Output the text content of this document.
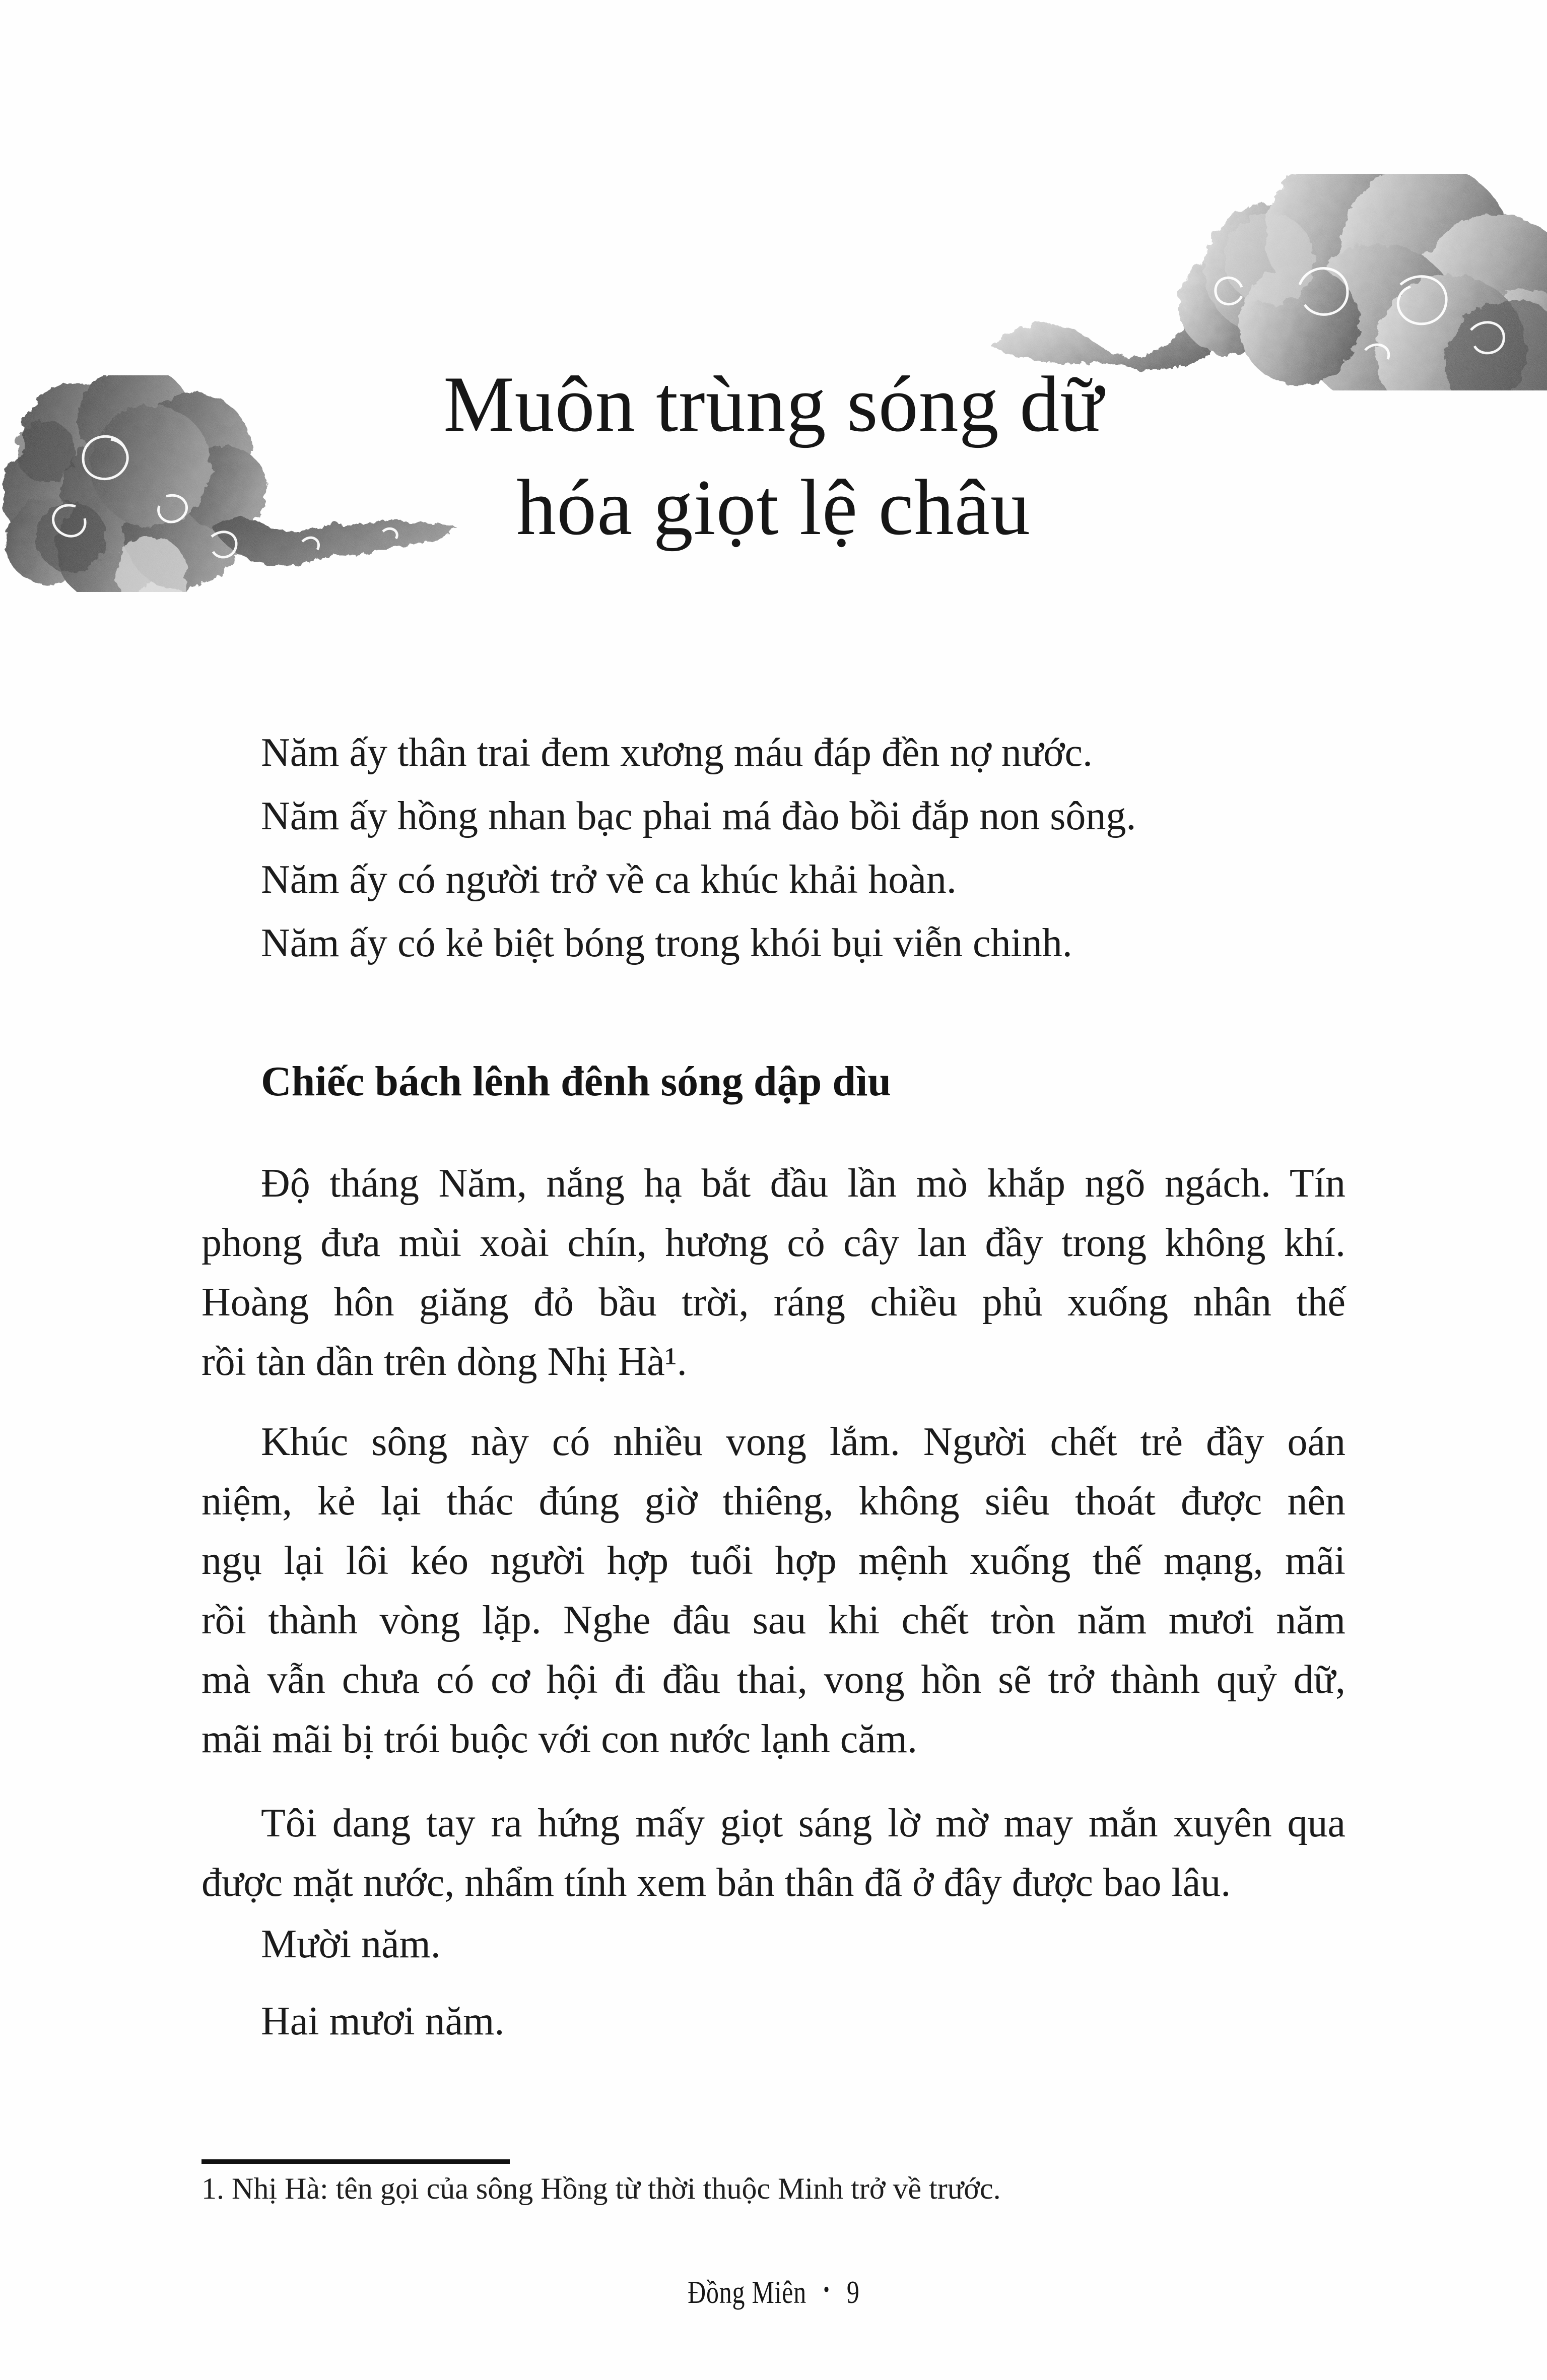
Muôn trùng sóng dữ
hóa giọt lệ châu
Năm ấy thân trai đem xương máu đáp đền nợ nước.
Năm ấy hồng nhan bạc phai má đào bồi đắp non sông.
Năm ấy có người trở về ca khúc khải hoàn.
Năm ấy có kẻ biệt bóng trong khói bụi viễn chinh.
Chiếc bách lênh đênh sóng dập dìu
Độ tháng Năm, nắng hạ bắt đầu lần mò khắp ngõ ngách. Tín
phong đưa mùi xoài chín, hương cỏ cây lan đầy trong không khí.
Hoàng hôn giăng đỏ bầu trời, ráng chiều phủ xuống nhân thế
rồi tàn dần trên dòng Nhị Hà¹.
Khúc sông này có nhiều vong lắm. Người chết trẻ đầy oán
niệm, kẻ lại thác đúng giờ thiêng, không siêu thoát được nên
ngụ lại lôi kéo người hợp tuổi hợp mệnh xuống thế mạng, mãi
rồi thành vòng lặp. Nghe đâu sau khi chết tròn năm mươi năm
mà vẫn chưa có cơ hội đi đầu thai, vong hồn sẽ trở thành quỷ dữ,
mãi mãi bị trói buộc với con nước lạnh căm.
Tôi dang tay ra hứng mấy giọt sáng lờ mờ may mắn xuyên qua
được mặt nước, nhẩm tính xem bản thân đã ở đây được bao lâu.
Mười năm.
Hai mươi năm.
1. Nhị Hà: tên gọi của sông Hồng từ thời thuộc Minh trở về trước.
Đồng Miên • 9
